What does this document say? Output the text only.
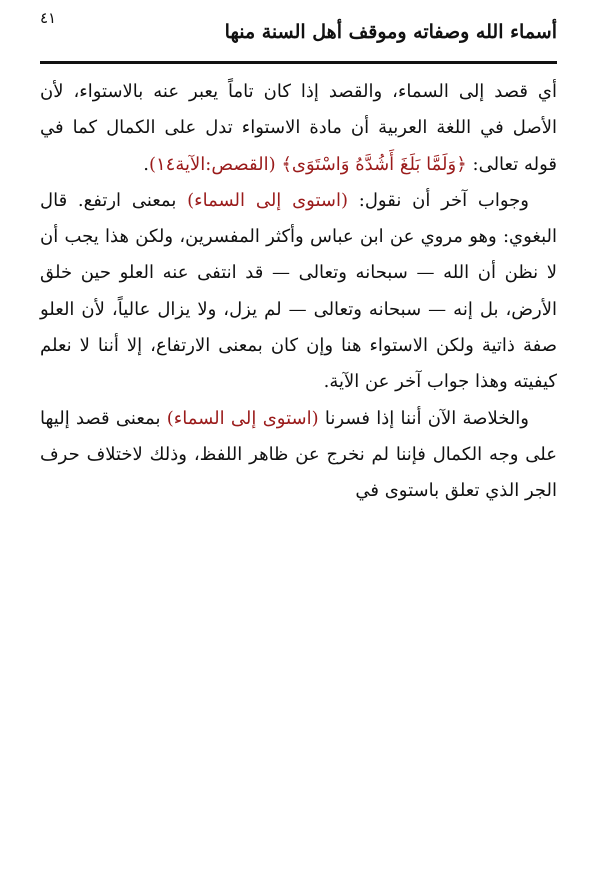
أسماء الله وصفاته وموقف أهل السنة منها
٤١

أي قصد إلى السماء، والقصد إذا كان تاماً يعبر عنه بالاستواء، لأن الأصل في اللغة العربية أن مادة الاستواء تدل على الكمال كما في قوله تعالى: ﴿وَلَمَّا بَلَغَ أَشُدَّهُ وَاسْتَوَى﴾ (القصص:الآية١٤).

وجواب آخر أن نقول: (استوى إلى السماء) بمعنى ارتفع. قال البغوي: وهو مروي عن ابن عباس وأكثر المفسرين، ولكن هذا يجب أن لا نظن أن الله — سبحانه وتعالى — قد انتفى عنه العلو حين خلق الأرض، بل إنه — سبحانه وتعالى — لم يزل، ولا يزال عالياً، لأن العلو صفة ذاتية ولكن الاستواء هنا وإن كان بمعنى الارتفاع، إلا أننا لا نعلم كيفيته وهذا جواب آخر عن الآية.

والخلاصة الآن أننا إذا فسرنا (استوى إلى السماء) بمعنى قصد إليها على وجه الكمال فإننا لم نخرج عن ظاهر اللفظ، وذلك لاختلاف حرف الجر الذي تعلق باستوى في
